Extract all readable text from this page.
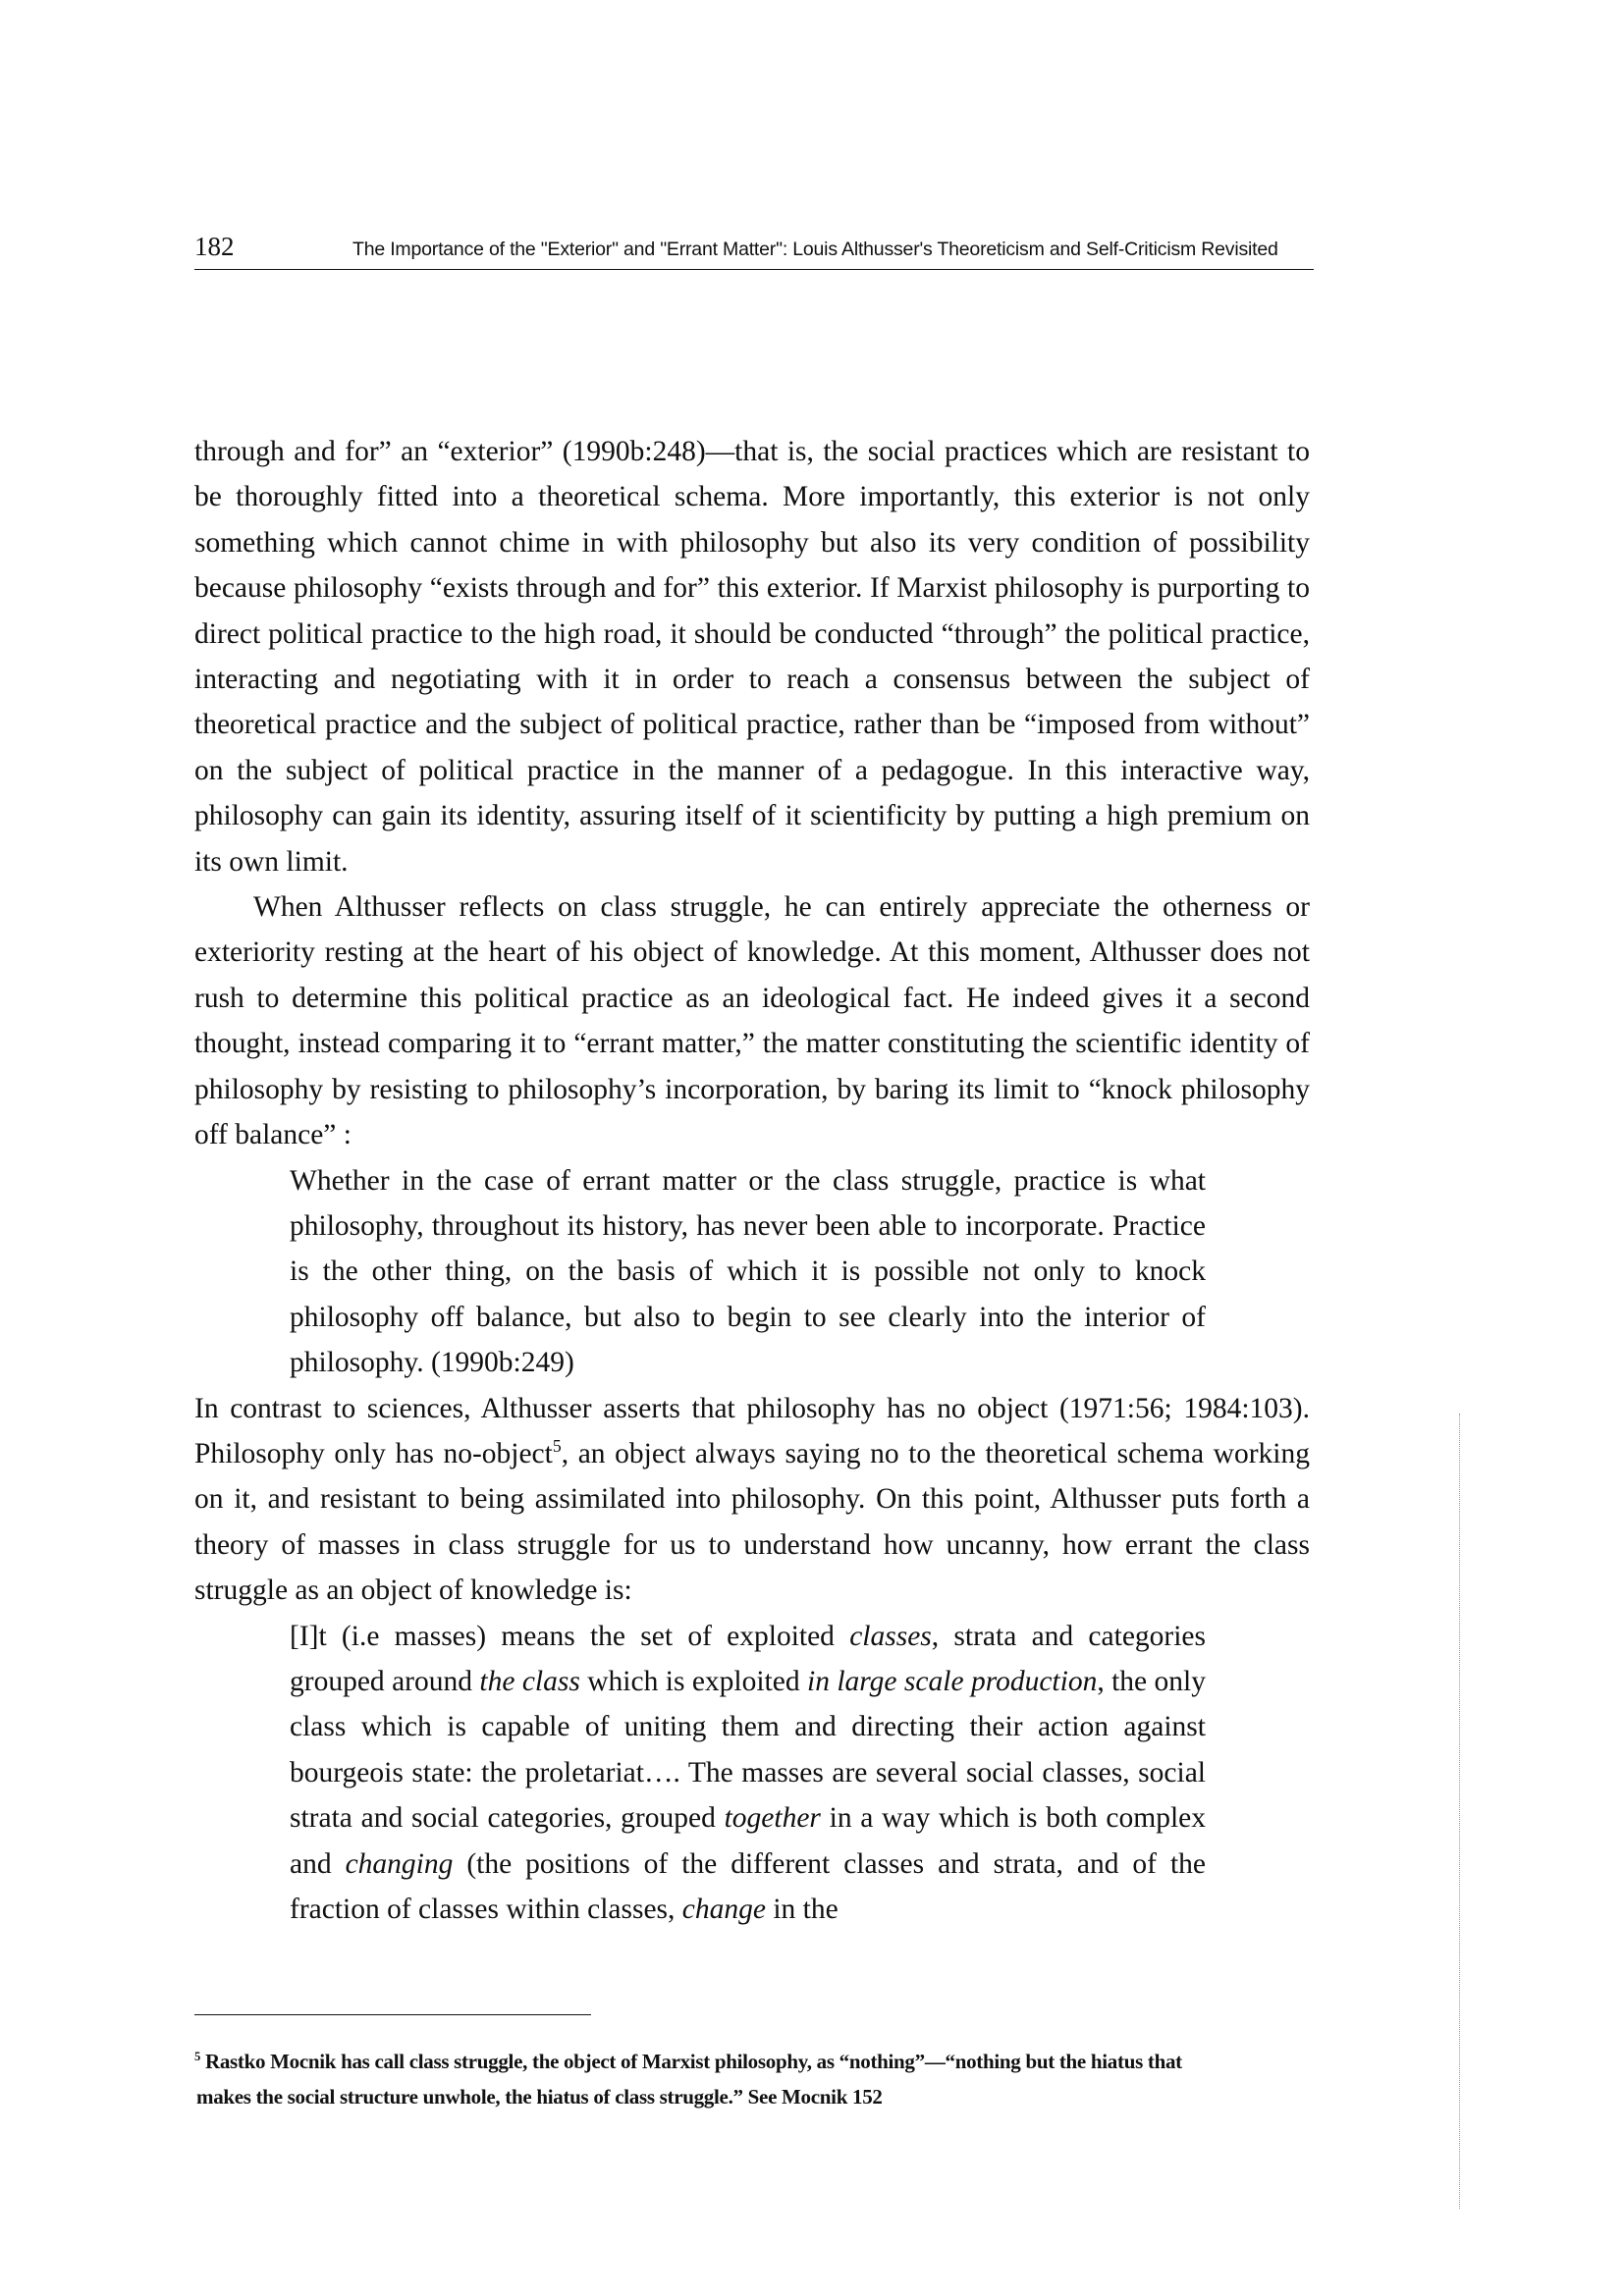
182	The Importance of the "Exterior" and "Errant Matter": Louis Althusser's Theoreticism and Self-Criticism Revisited

through and for” an “exterior” (1990b:248)—that is, the social practices which are resistant to be thoroughly fitted into a theoretical schema. More importantly, this exterior is not only something which cannot chime in with philosophy but also its very condition of possibility because philosophy “exists through and for” this exterior. If Marxist philosophy is purporting to direct political practice to the high road, it should be conducted “through” the political practice, interacting and negotiating with it in order to reach a consensus between the subject of theoretical practice and the subject of political practice, rather than be “imposed from without” on the subject of political practice in the manner of a pedagogue. In this interactive way, philosophy can gain its identity, assuring itself of it scientificity by putting a high premium on its own limit.

When Althusser reflects on class struggle, he can entirely appreciate the otherness or exteriority resting at the heart of his object of knowledge. At this moment, Althusser does not rush to determine this political practice as an ideological fact. He indeed gives it a second thought, instead comparing it to “errant matter,” the matter constituting the scientific identity of philosophy by resisting to philosophy’s incorporation, by baring its limit to “knock philosophy off balance” :

Whether in the case of errant matter or the class struggle, practice is what philosophy, throughout its history, has never been able to incorporate. Practice is the other thing, on the basis of which it is possible not only to knock philosophy off balance, but also to begin to see clearly into the interior of philosophy. (1990b:249)

In contrast to sciences, Althusser asserts that philosophy has no object (1971:56; 1984:103). Philosophy only has no-object$^5$, an object always saying no to the theoretical schema working on it, and resistant to being assimilated into philosophy. On this point, Althusser puts forth a theory of masses in class struggle for us to understand how uncanny, how errant the class struggle as an object of knowledge is:

[I]t (i.e masses) means the set of exploited classes, strata and categories grouped around the class which is exploited in large scale production, the only class which is capable of uniting them and directing their action against bourgeois state: the proletariat…. The masses are several social classes, social strata and social categories, grouped together in a way which is both complex and changing (the positions of the different classes and strata, and of the fraction of classes within classes, change in the

$^5$ Rastko Mocnik has call class struggle, the object of Marxist philosophy, as “nothing”—“nothing but the hiatus that

makes the social structure unwhole, the hiatus of class struggle.” See Mocnik 152
